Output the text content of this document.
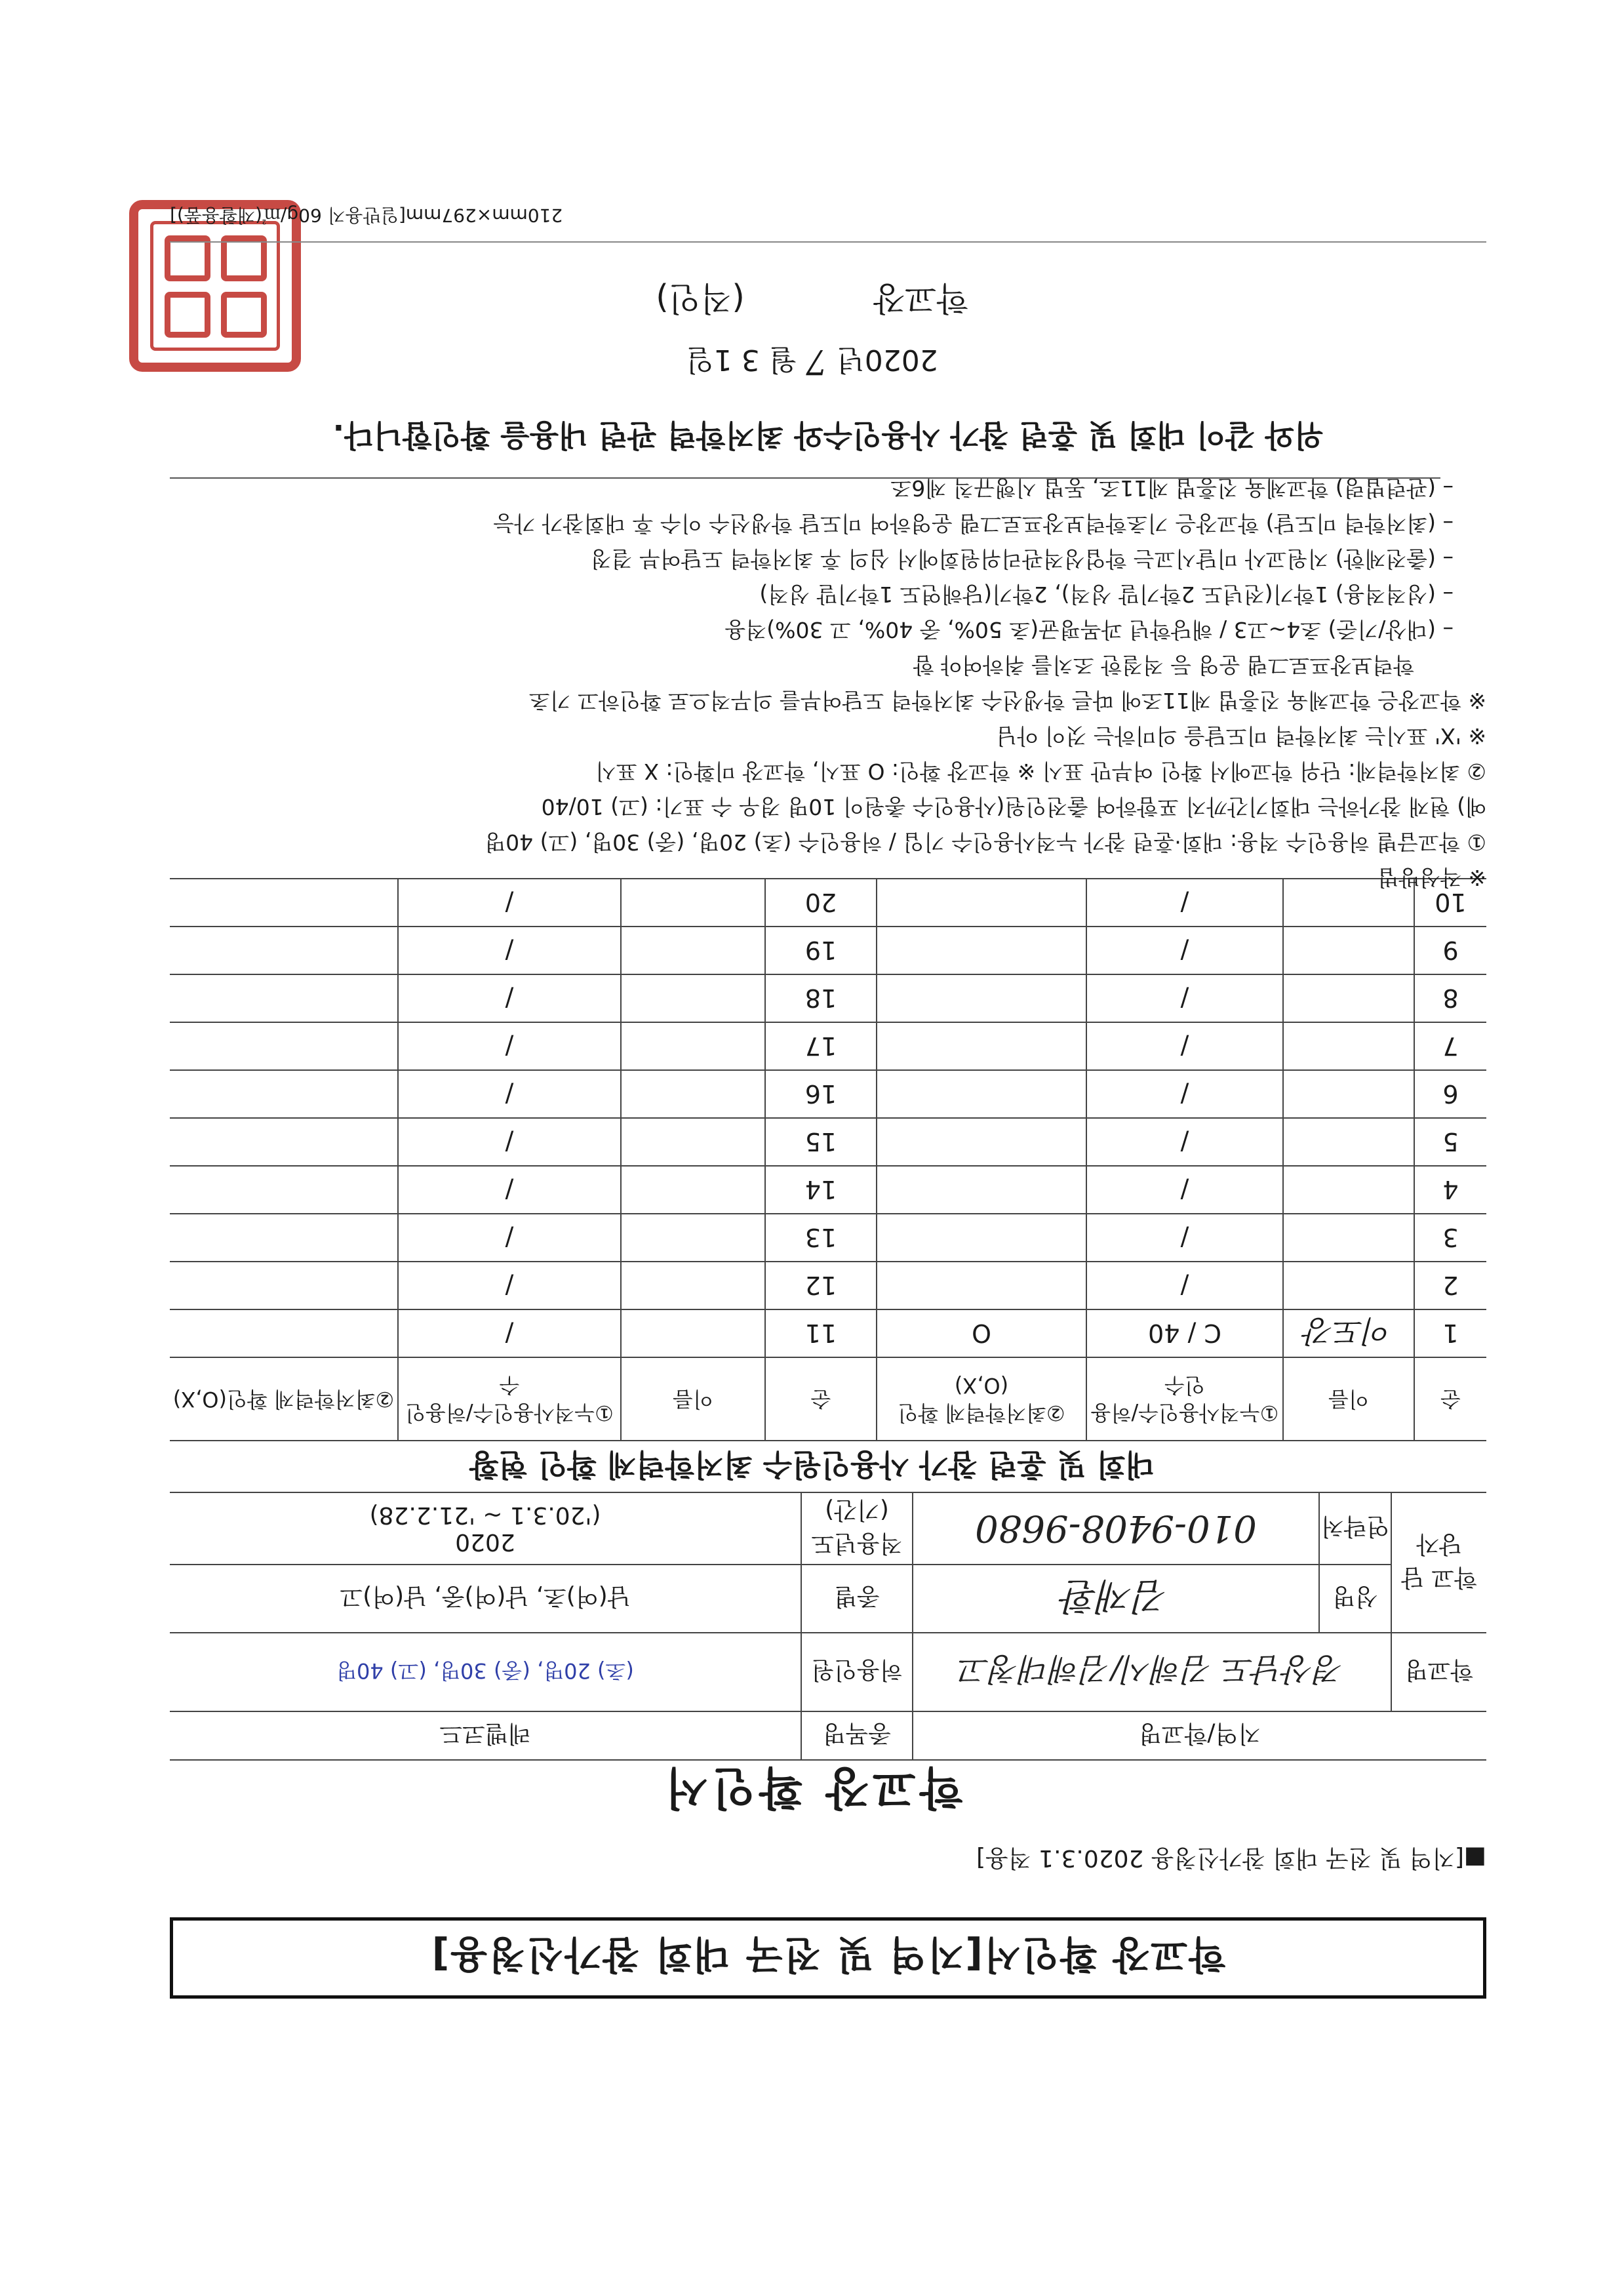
학교장 확인서[지역 및 전국 대회 참가신청용]
■[지역 및 전국 대회 참가신청용 2020.3.1 적용]
학교장 확인서
지역/학교명			종목명	레벨코드
학교명	경상남도 김해시/김해대청고		허용인원	(초) 20명, (중) 30명, (고) 40명
학교 담당자	성명	김재환	종별	남(여)초, 남(여)중, 남(여)고
	연락처	010-9408-9680	적용년도 (기간)	2020
('20.3.1 ~ '21.2.28)
대회 및 훈련 참가 사용인원수 최저학력제 확인 현황
순	이름	①누적사용인수/허용인수	②최저학력제 확인(O,X)	순	이름	①누적사용인수/허용인수	②최저학력제 확인(O,X)
1	이도강	C / 40	O	11		/	
2		/		12		/	
3		/		13		/	
4		/		14		/	
5		/		15		/	
6		/		16		/	
7		/		17		/	
8		/		18		/	
9		/		19		/	
10		/		20		/	

※ 작성방법

① 학교급별 허용인수 적용: 대회·훈련 참가 누적사용인수 기입 / 허용인수 (초) 20명, (중) 30명, (고) 40명

예) 현재 참가하는 대회기간까지 포함하여 출전인원(사용인수 총원이 10명 경우 수 표기: (고) 10/40

② 최저학력제: 단위 학교에서 확인 여부만 표시 ※ 학교장 확인: O 표시, 학교장 미확인: X 표시

※ 'X' 표시는 최저학력 미도달을 의미하는 것이 아님

※ 학교장은 학교체육 진흥법 제11조에 따른 학생선수 최저학력 도달여부를 의무적으로 확인하고 기초

학력보장프로그램 운영 등 적절한 조치를 취하여야 함

– (대상/기준) 초4~고3 / 해당학년 과목평균(초 50%, 중 40%, 고 30%)적용

– (성적적용) 1학기(전년도 2학기말 성적), 2학기(당해연도 1학기말 성적)

– (출전제한) 지원교사 미달시교는 학업성적관리위원회에서 심의 후 최저학력 도달여부 결정

– (최저학력 미도달) 학교장은 기초학력보장프로그램 운영하여 미도달 학생선수 이수 후 대회참가 가능

– (관련법령) 학교체육 진흥법 제11조, 동법 시행규칙 제6조

위와 같이 대회 및 훈련 참가 사용인수와 최저학력 관련 내용을 확인합니다.
2020년 7 월 3 1일
학교장 (직인)
210mm×297mm[일반용지 60g/㎡(재활용품)]
